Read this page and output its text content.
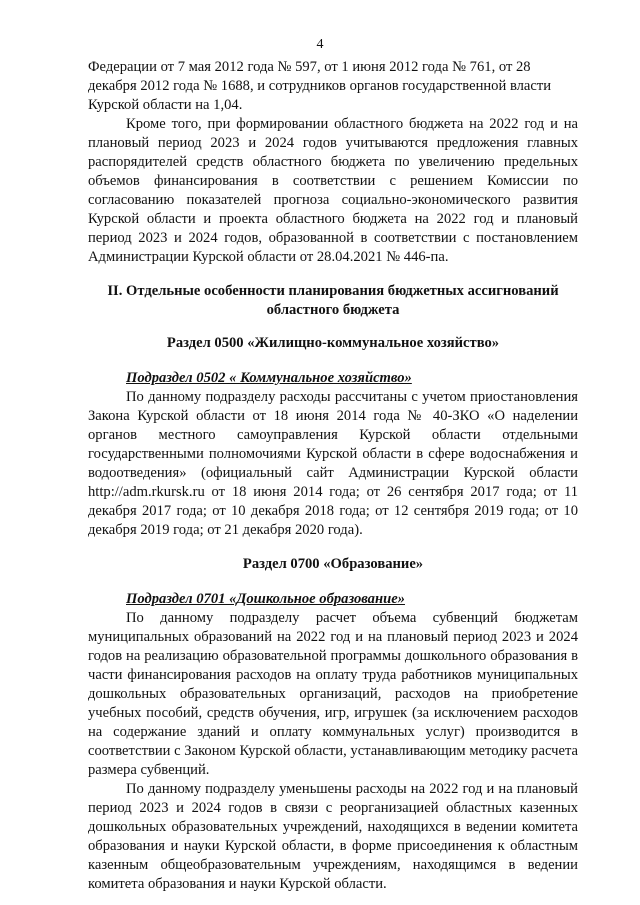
4

Федерации от 7 мая 2012 года № 597, от 1 июня 2012 года № 761, от 28 декабря 2012 года № 1688, и сотрудников органов государственной власти Курской области на 1,04.

Кроме того, при формировании областного бюджета на 2022 год и на плановый период 2023 и 2024 годов учитываются предложения главных распорядителей средств областного бюджета по увеличению предельных объемов финансирования в соответствии с решением Комиссии по согласованию показателей прогноза социально-экономического развития Курской области и проекта областного бюджета на 2022 год и плановый период 2023 и 2024 годов, образованной в соответствии с постановлением Администрации Курской области от 28.04.2021 № 446-па.

II. Отдельные особенности планирования бюджетных ассигнований областного бюджета
Раздел 0500 «Жилищно-коммунальное хозяйство»
Подраздел 0502 « Коммунальное хозяйство»

По данному подразделу расходы рассчитаны с учетом приостановления Закона Курской области от 18 июня 2014 года № 40-ЗКО «О наделении органов местного самоуправления Курской области отдельными государственными полномочиями Курской области в сфере водоснабжения и водоотведения» (официальный сайт Администрации Курской области http://adm.rkursk.ru от 18 июня 2014 года; от 26 сентября 2017 года; от 11 декабря 2017 года; от 10 декабря 2018 года; от 12 сентября 2019 года; от 10 декабря 2019 года; от 21 декабря 2020 года).

Раздел 0700 «Образование»
Подраздел 0701 «Дошкольное образование»

По данному подразделу расчет объема субвенций бюджетам муниципальных образований на 2022 год и на плановый период 2023 и 2024 годов на реализацию образовательной программы дошкольного образования в части финансирования расходов на оплату труда работников муниципальных дошкольных образовательных организаций, расходов на приобретение учебных пособий, средств обучения, игр, игрушек (за исключением расходов на содержание зданий и оплату коммунальных услуг) производится в соответствии с Законом Курской области, устанавливающим методику расчета размера субвенций.

По данному подразделу уменьшены расходы на 2022 год и на плановый период 2023 и 2024 годов в связи с реорганизацией областных казенных дошкольных образовательных учреждений, находящихся в ведении комитета образования и науки Курской области, в форме присоединения к областным казенным общеобразовательным учреждениям, находящимся в ведении комитета образования и науки Курской области.
